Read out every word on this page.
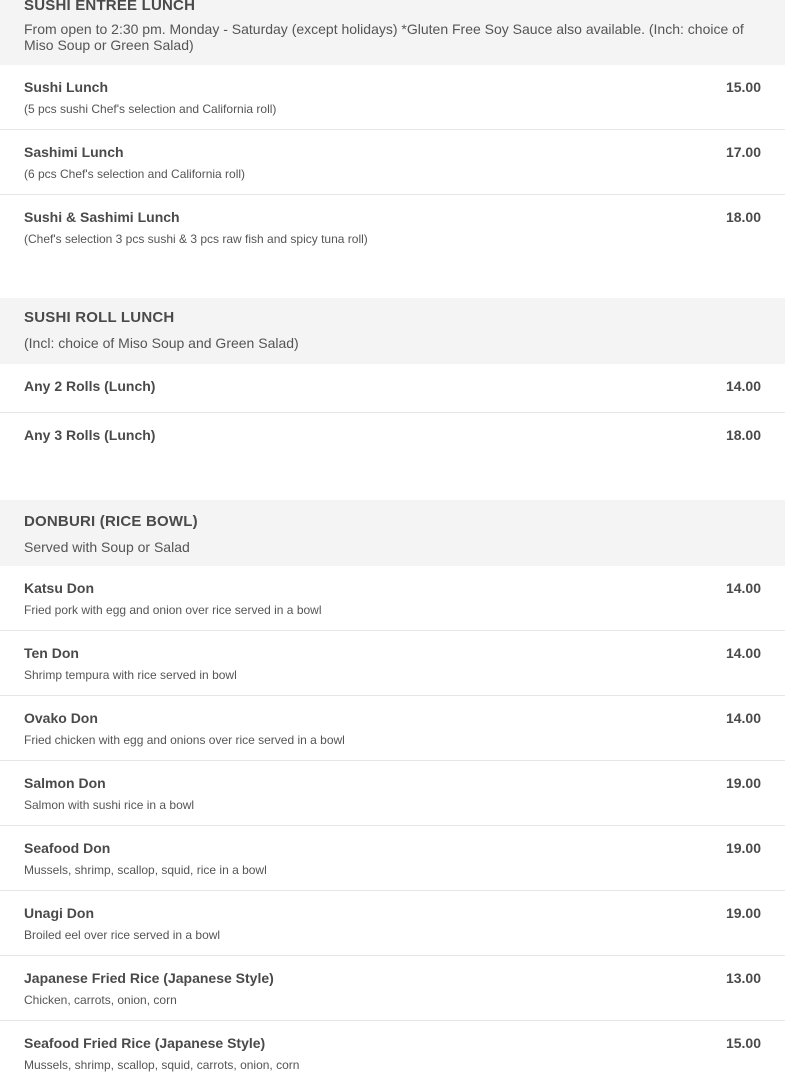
SUSHI ENTREE LUNCH
From open to 2:30 pm. Monday - Saturday (except holidays) *Gluten Free Soy Sauce also available. (Inch: choice of Miso Soup or Green Salad)
Sushi Lunch
(5 pcs sushi Chef's selection and California roll)
15.00
Sashimi Lunch
(6 pcs Chef's selection and California roll)
17.00
Sushi & Sashimi Lunch
(Chef's selection 3 pcs sushi & 3 pcs raw fish and spicy tuna roll)
18.00
SUSHI ROLL LUNCH
(Incl: choice of Miso Soup and Green Salad)
Any 2 Rolls (Lunch)	14.00
Any 3 Rolls (Lunch)	18.00
DONBURI (RICE BOWL)
Served with Soup or Salad
Katsu Don
Fried pork with egg and onion over rice served in a bowl
14.00
Ten Don
Shrimp tempura with rice served in bowl
14.00
Ovako Don
Fried chicken with egg and onions over rice served in a bowl
14.00
Salmon Don
Salmon with sushi rice in a bowl
19.00
Seafood Don
Mussels, shrimp, scallop, squid, rice in a bowl
19.00
Unagi Don
Broiled eel over rice served in a bowl
19.00
Japanese Fried Rice (Japanese Style)
Chicken, carrots, onion, corn
13.00
Seafood Fried Rice (Japanese Style)
Mussels, shrimp, scallop, squid, carrots, onion, corn
15.00
